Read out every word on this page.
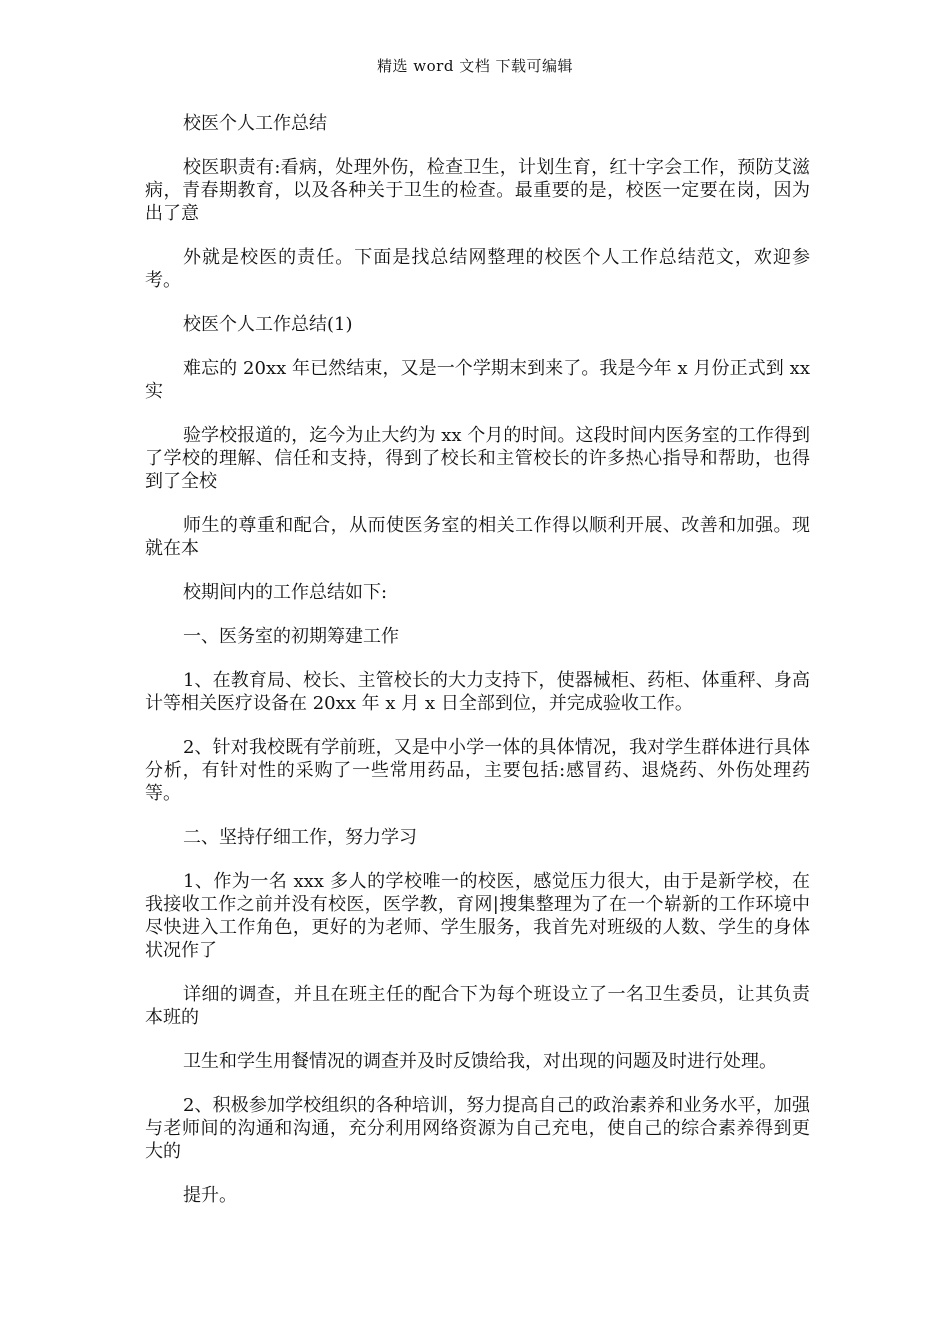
精选 word 文档 下载可编辑

校医个人工作总结

校医职责有:看病，处理外伤，检查卫生，计划生育，红十字会工作，预防艾滋病，青春期教育，以及各种关于卫生的检查。最重要的是，校医一定要在岗，因为出了意

外就是校医的责任。下面是找总结网整理的校医个人工作总结范文，欢迎参考。

校医个人工作总结(1)

难忘的 20xx 年已然结束，又是一个学期末到来了。我是今年 x 月份正式到 xx 实

验学校报道的，迄今为止大约为 xx 个月的时间。这段时间内医务室的工作得到了学校的理解、信任和支持，得到了校长和主管校长的许多热心指导和帮助，也得到了全校

师生的尊重和配合，从而使医务室的相关工作得以顺利开展、改善和加强。现就在本

校期间内的工作总结如下:

一、医务室的初期筹建工作

1、在教育局、校长、主管校长的大力支持下，使器械柜、药柜、体重秤、身高计等相关医疗设备在 20xx 年 x 月 x 日全部到位，并完成验收工作。

2、针对我校既有学前班，又是中小学一体的具体情况，我对学生群体进行具体分析，有针对性的采购了一些常用药品，主要包括:感冒药、退烧药、外伤处理药等。

二、坚持仔细工作，努力学习

1、作为一名 xxx 多人的学校唯一的校医，感觉压力很大，由于是新学校，在我接收工作之前并没有校医，医学教，育网|搜集整理为了在一个崭新的工作环境中尽快进入工作角色，更好的为老师、学生服务，我首先对班级的人数、学生的身体状况作了

详细的调查，并且在班主任的配合下为每个班设立了一名卫生委员，让其负责本班的

卫生和学生用餐情况的调查并及时反馈给我，对出现的问题及时进行处理。

2、积极参加学校组织的各种培训，努力提高自己的政治素养和业务水平，加强与老师间的沟通和沟通，充分利用网络资源为自己充电，使自己的综合素养得到更大的

提升。
